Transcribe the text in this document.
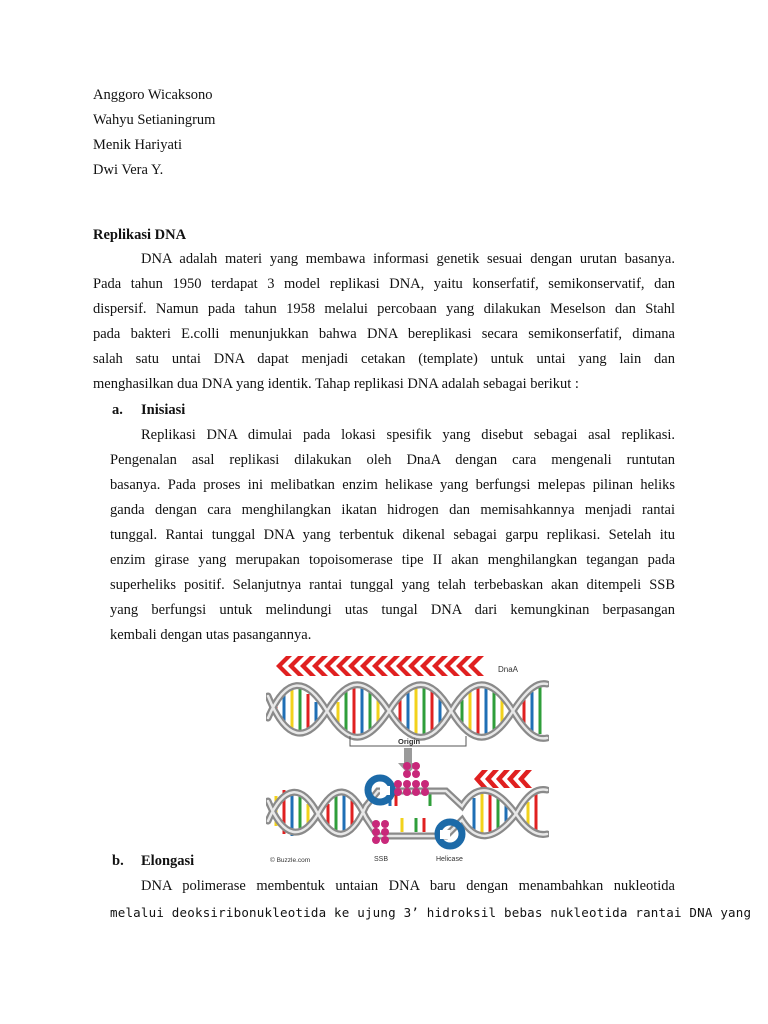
Anggoro Wicaksono
Wahyu Setianingrum
Menik Hariyati
Dwi Vera Y.
Replikasi DNA
DNA adalah materi yang membawa informasi genetik sesuai dengan urutan basanya.
Pada tahun 1950 terdapat 3 model replikasi DNA, yaitu konserfatif, semikonservatif, dan
dispersif. Namun pada tahun 1958 melalui percobaan yang dilakukan Meselson dan Stahl
pada bakteri E.colli menunjukkan bahwa DNA bereplikasi secara semikonserfatif, dimana
salah satu untai DNA dapat menjadi cetakan (template) untuk untai yang lain dan
menghasilkan dua DNA yang identik. Tahap replikasi DNA adalah sebagai berikut :
a. Inisiasi
Replikasi DNA dimulai pada lokasi spesifik yang disebut sebagai asal replikasi.
Pengenalan asal replikasi dilakukan oleh DnaA dengan cara mengenali runtutan
basanya. Pada proses ini melibatkan enzim helikase yang berfungsi melepas pilinan heliks
ganda dengan cara menghilangkan ikatan hidrogen dan memisahkannya menjadi rantai
tunggal. Rantai tunggal DNA yang terbentuk dikenal sebagai garpu replikasi. Setelah itu
enzim girase yang merupakan topoisomerase tipe II akan menghilangkan tegangan pada
superheliks positif. Selanjutnya rantai tunggal yang telah terbebaskan akan ditempeli SSB
yang berfungsi untuk melindungi utas tungal DNA dari kemungkinan berpasangan
kembali dengan utas pasangannya.
DnaA
Origin
© Buzzle.com	SSB	Helicase
b. Elongasi
DNA polimerase membentuk untaian DNA baru dengan menambahkan nukleotida
melalui deoksiribonukleotida ke ujung 3’ hidroksil bebas nukleotida rantai DNA yang
